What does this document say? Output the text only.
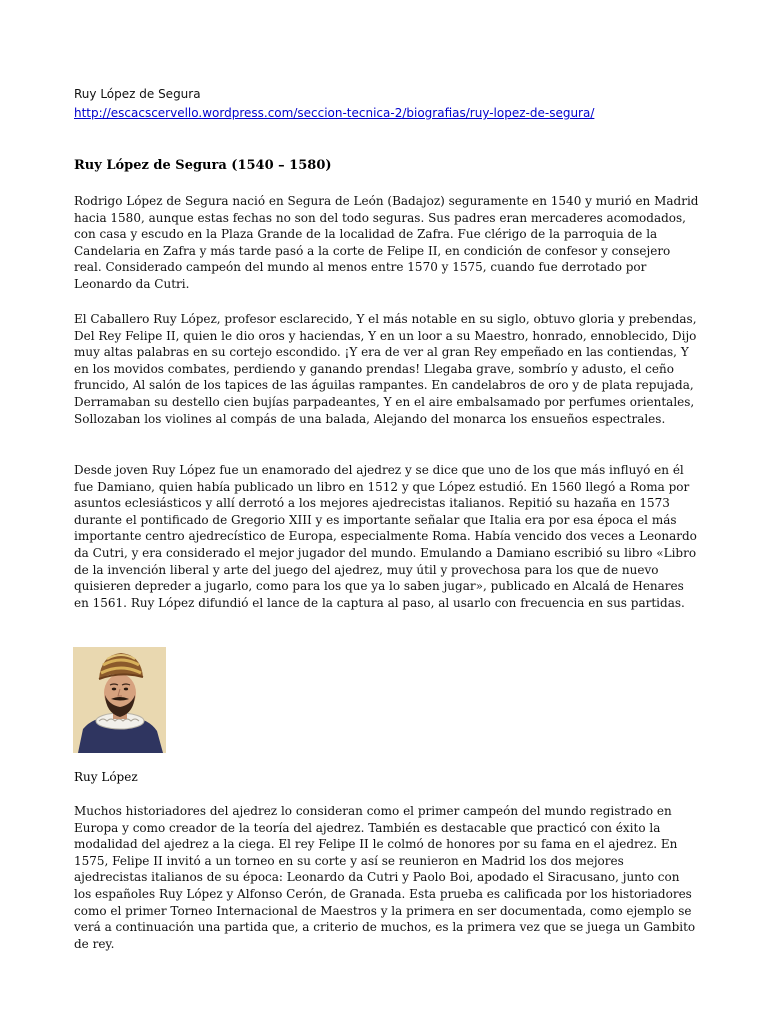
Ruy López de Segura
http://escacscervello.wordpress.com/seccion-tecnica-2/biografias/ruy-lopez-de-segura/
Ruy López de Segura (1540 – 1580)

Rodrigo López de Segura nació en Segura de León (Badajoz) seguramente en 1540 y murió en Madrid hacia 1580, aunque estas fechas no son del todo seguras. Sus padres eran mercaderes acomodados, con casa y escudo en la Plaza Grande de la localidad de Zafra. Fue clérigo de la parroquia de la Candelaria en Zafra y más tarde pasó a la corte de Felipe II, en condición de confesor y consejero real. Considerado campeón del mundo al menos entre 1570 y 1575, cuando fue derrotado por Leonardo da Cutri.

El Caballero Ruy López, profesor esclarecido, Y el más notable en su siglo, obtuvo gloria y prebendas, Del Rey Felipe II, quien le dio oros y haciendas, Y en un loor a su Maestro, honrado, ennoblecido, Dijo muy altas palabras en su cortejo escondido. ¡Y era de ver al gran Rey empeñado en las contiendas, Y en los movidos combates, perdiendo y ganando prendas! Llegaba grave, sombrío y adusto, el ceño fruncido, Al salón de los tapices de las águilas rampantes. En candelabros de oro y de plata repujada, Derramaban su destello cien bujías parpadeantes, Y en el aire embalsamado por perfumes orientales, Sollozaban los violines al compás de una balada, Alejando del monarca los ensueños espectrales.

Desde joven Ruy López fue un enamorado del ajedrez y se dice que uno de los que más influyó en él fue Damiano, quien había publicado un libro en 1512 y que López estudió. En 1560 llegó a Roma por asuntos eclesiásticos y allí derrotó a los mejores ajedrecistas italianos. Repitió su hazaña en 1573 durante el pontificado de Gregorio XIII y es importante señalar que Italia era por esa época el más importante centro ajedrecístico de Europa, especialmente Roma. Había vencido dos veces a Leonardo da Cutri, y era considerado el mejor jugador del mundo. Emulando a Damiano escribió su libro «Libro de la invención liberal y arte del juego del ajedrez, muy útil y provechosa para los que de nuevo quisieren depreder a jugarlo, como para los que ya lo saben jugar», publicado en Alcalá de Henares en 1561. Ruy López difundió el lance de la captura al paso, al usarlo con frecuencia en sus partidas.

Ruy López

Muchos historiadores del ajedrez lo consideran como el primer campeón del mundo registrado en Europa y como creador de la teoría del ajedrez. También es destacable que practicó con éxito la modalidad del ajedrez a la ciega. El rey Felipe II le colmó de honores por su fama en el ajedrez. En 1575, Felipe II invitó a un torneo en su corte y así se reunieron en Madrid los dos mejores ajedrecistas italianos de su época: Leonardo da Cutri y Paolo Boi, apodado el Siracusano, junto con los españoles Ruy López y Alfonso Cerón, de Granada. Esta prueba es calificada por los historiadores como el primer Torneo Internacional de Maestros y la primera en ser documentada, como ejemplo se verá a continuación una partida que, a criterio de muchos, es la primera vez que se juega un Gambito de rey.
